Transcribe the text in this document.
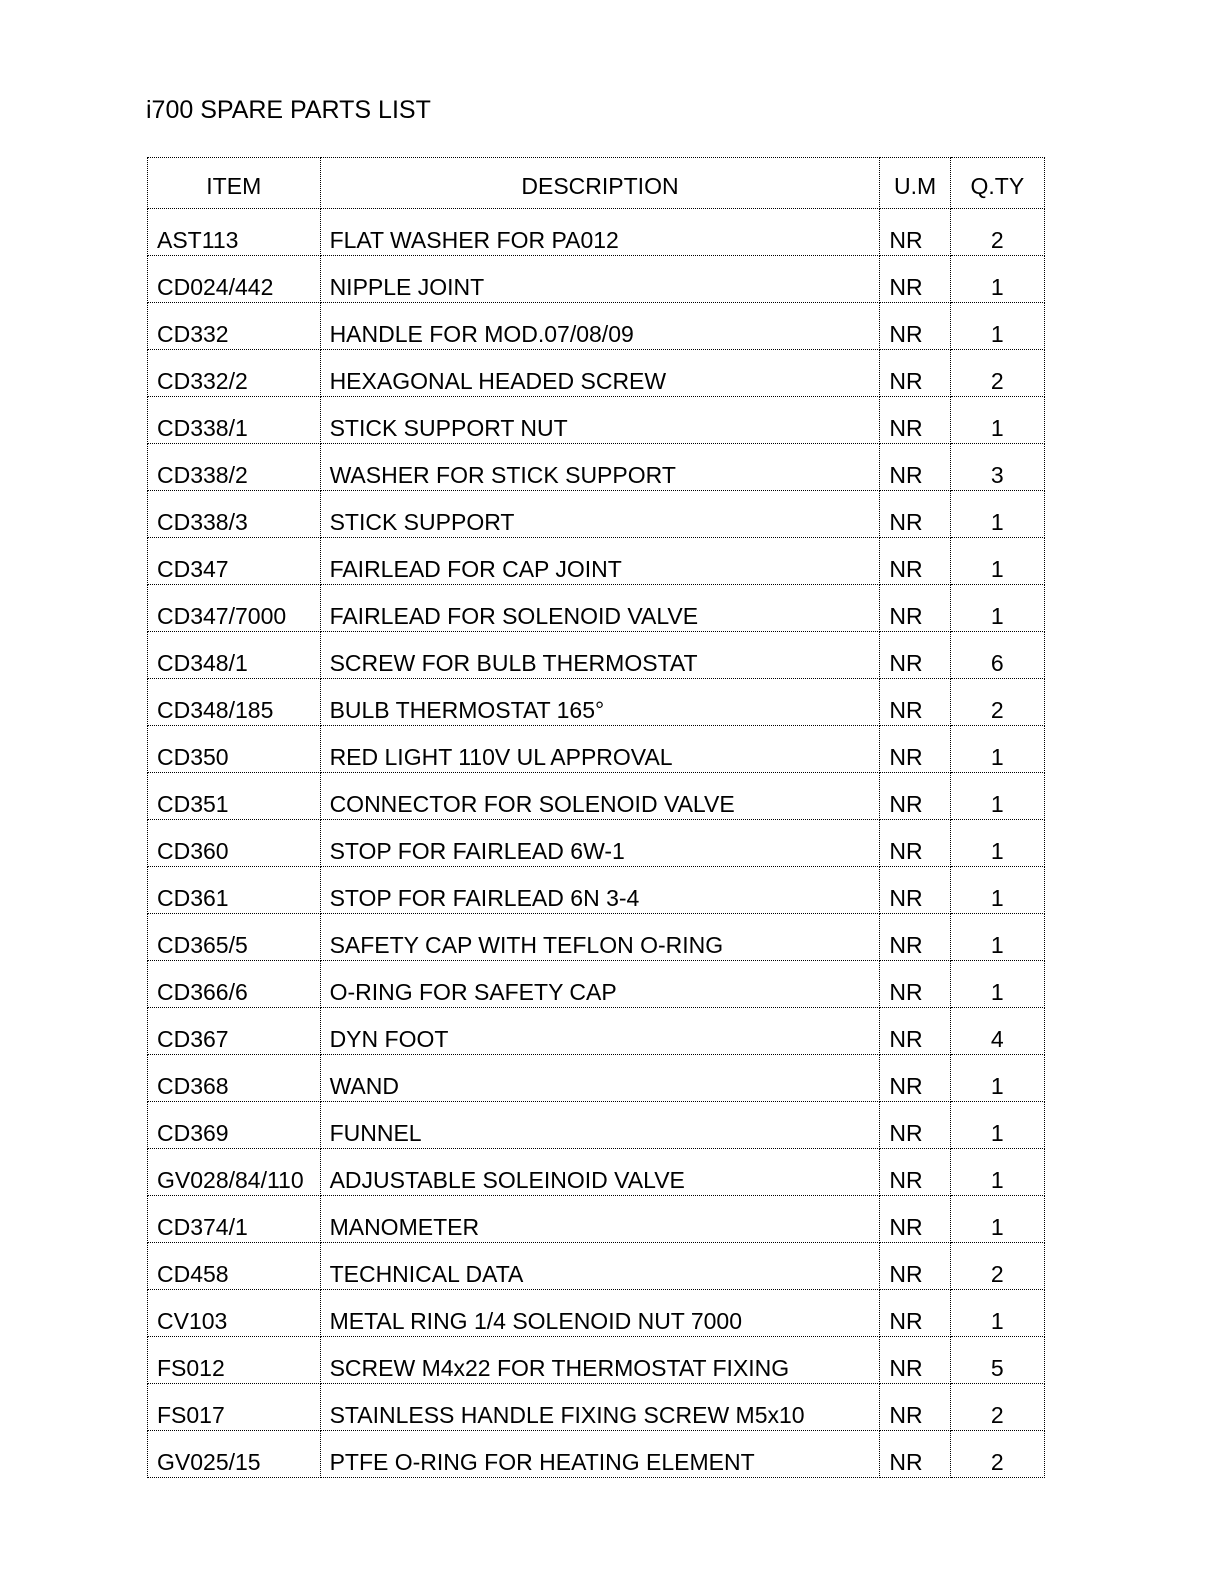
i700 SPARE PARTS LIST
ITEM	DESCRIPTION	U.M	Q.TY
AST113	FLAT WASHER FOR PA012	NR	2
CD024/442	NIPPLE JOINT	NR	1
CD332	HANDLE FOR MOD.07/08/09	NR	1
CD332/2	HEXAGONAL HEADED SCREW	NR	2
CD338/1	STICK SUPPORT NUT	NR	1
CD338/2	WASHER FOR STICK SUPPORT	NR	3
CD338/3	STICK SUPPORT	NR	1
CD347	FAIRLEAD FOR CAP JOINT	NR	1
CD347/7000	FAIRLEAD FOR SOLENOID VALVE	NR	1
CD348/1	SCREW FOR BULB THERMOSTAT	NR	6
CD348/185	BULB THERMOSTAT 165°	NR	2
CD350	RED LIGHT 110V UL APPROVAL	NR	1
CD351	CONNECTOR FOR SOLENOID VALVE	NR	1
CD360	STOP FOR FAIRLEAD 6W-1	NR	1
CD361	STOP FOR FAIRLEAD 6N 3-4	NR	1
CD365/5	SAFETY CAP WITH TEFLON O-RING	NR	1
CD366/6	O-RING FOR SAFETY CAP	NR	1
CD367	DYN FOOT	NR	4
CD368	WAND	NR	1
CD369	FUNNEL	NR	1
GV028/84/110	ADJUSTABLE SOLEINOID VALVE	NR	1
CD374/1	MANOMETER	NR	1
CD458	TECHNICAL DATA	NR	2
CV103	METAL RING 1/4 SOLENOID NUT 7000	NR	1
FS012	SCREW M4x22 FOR THERMOSTAT FIXING	NR	5
FS017	STAINLESS HANDLE FIXING SCREW M5x10	NR	2
GV025/15	PTFE O-RING FOR HEATING ELEMENT	NR	2
